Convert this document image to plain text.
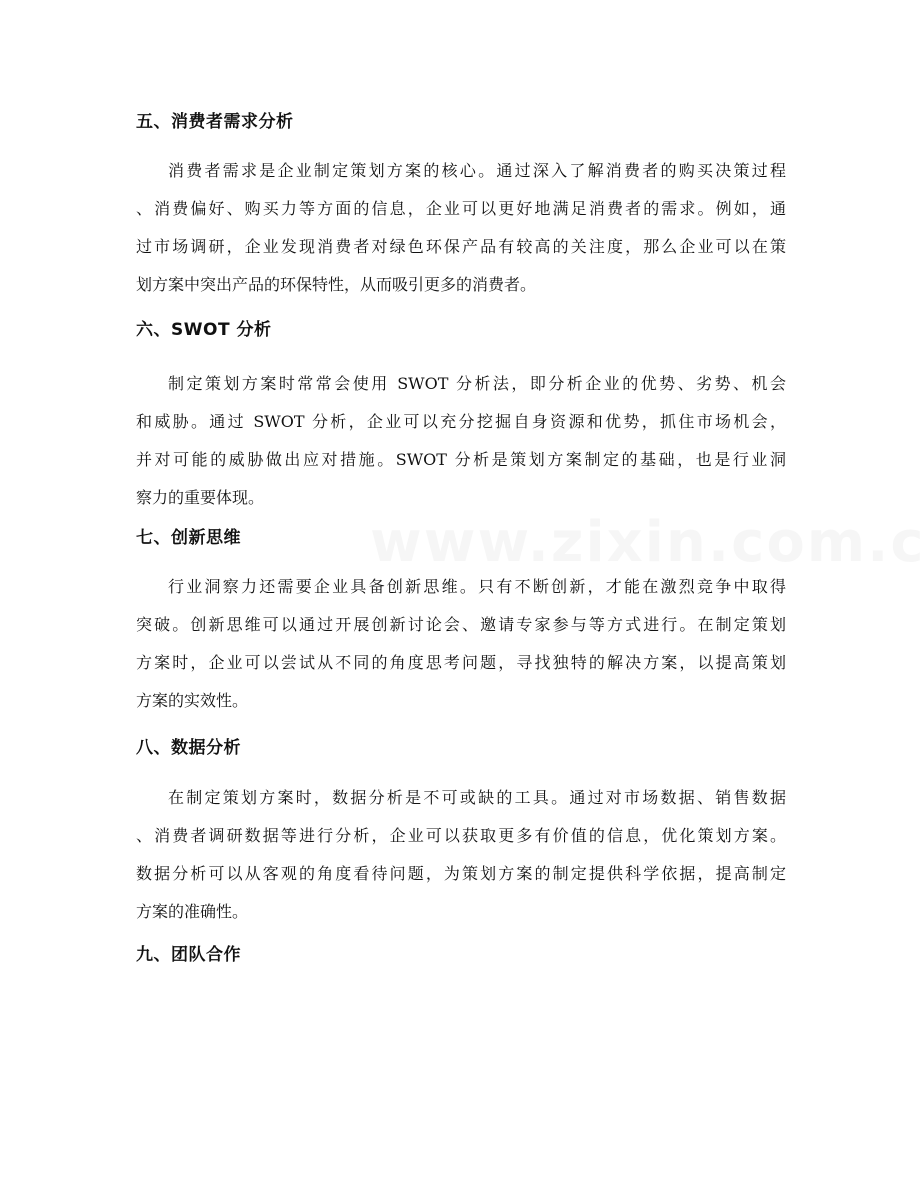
五、消费者需求分析

消费者需求是企业制定策划方案的核心。通过深入了解消费者的购买决策过程
、消费偏好、购买力等方面的信息，企业可以更好地满足消费者的需求。例如，通
过市场调研，企业发现消费者对绿色环保产品有较高的关注度，那么企业可以在策
划方案中突出产品的环保特性，从而吸引更多的消费者。

六、SWOT 分析

制定策划方案时常常会使用 SWOT 分析法，即分析企业的优势、劣势、机会
和威胁。通过 SWOT 分析，企业可以充分挖掘自身资源和优势，抓住市场机会，
并对可能的威胁做出应对措施。SWOT 分析是策划方案制定的基础，也是行业洞
察力的重要体现。

七、创新思维

行业洞察力还需要企业具备创新思维。只有不断创新，才能在激烈竞争中取得
突破。创新思维可以通过开展创新讨论会、邀请专家参与等方式进行。在制定策划
方案时，企业可以尝试从不同的角度思考问题，寻找独特的解决方案，以提高策划
方案的实效性。

八、数据分析

在制定策划方案时，数据分析是不可或缺的工具。通过对市场数据、销售数据
、消费者调研数据等进行分析，企业可以获取更多有价值的信息，优化策划方案。
数据分析可以从客观的角度看待问题，为策划方案的制定提供科学依据，提高制定
方案的准确性。

九、团队合作
